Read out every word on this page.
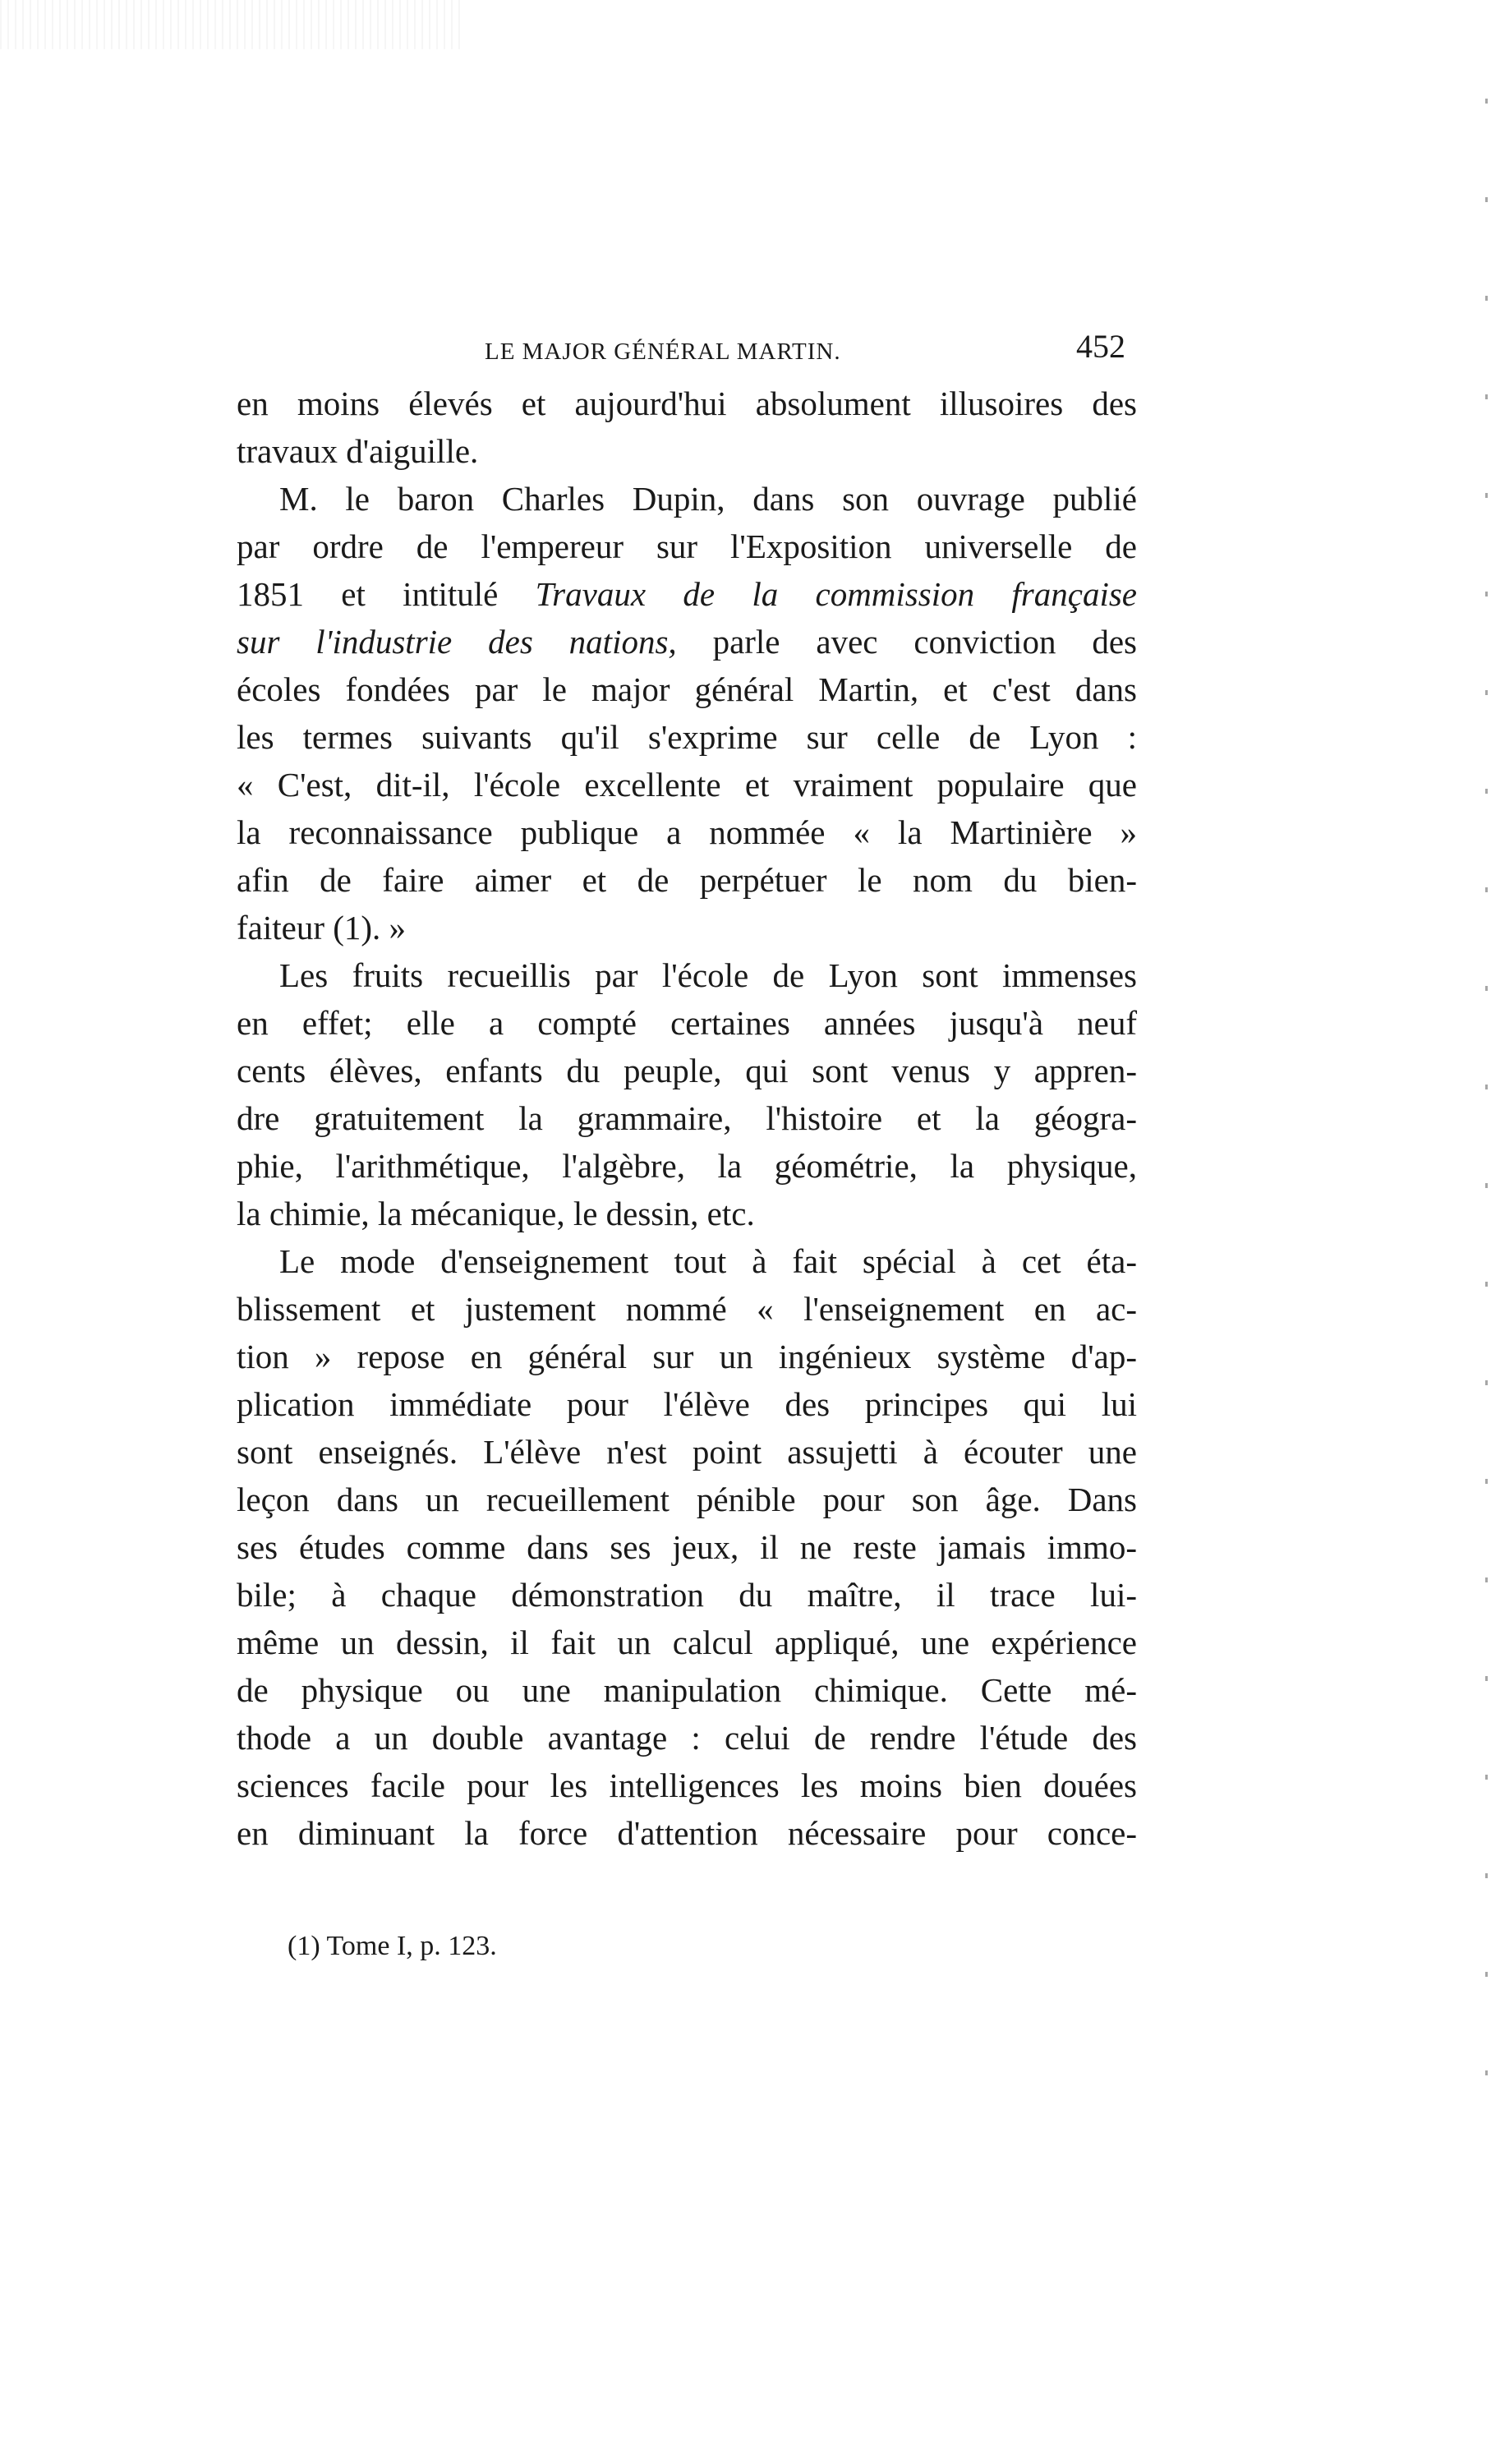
LE MAJOR GÉNÉRAL MARTIN.	452
en moins élevés et aujourd'hui absolument illusoires des
travaux d'aiguille.
M. le baron Charles Dupin, dans son ouvrage publié
par ordre de l'empereur sur l'Exposition universelle de
1851 et intitulé Travaux de la commission française
sur l'industrie des nations, parle avec conviction des
écoles fondées par le major général Martin, et c'est dans
les termes suivants qu'il s'exprime sur celle de Lyon :
« C'est, dit-il, l'école excellente et vraiment populaire que
la reconnaissance publique a nommée « la Martinière »
afin de faire aimer et de perpétuer le nom du bien-
faiteur (1). »
Les fruits recueillis par l'école de Lyon sont immenses
en effet; elle a compté certaines années jusqu'à neuf
cents élèves, enfants du peuple, qui sont venus y appren-
dre gratuitement la grammaire, l'histoire et la géogra-
phie, l'arithmétique, l'algèbre, la géométrie, la physique,
la chimie, la mécanique, le dessin, etc.
Le mode d'enseignement tout à fait spécial à cet éta-
blissement et justement nommé « l'enseignement en ac-
tion » repose en général sur un ingénieux système d'ap-
plication immédiate pour l'élève des principes qui lui
sont enseignés. L'élève n'est point assujetti à écouter une
leçon dans un recueillement pénible pour son âge. Dans
ses études comme dans ses jeux, il ne reste jamais immo-
bile; à chaque démonstration du maître, il trace lui-
même un dessin, il fait un calcul appliqué, une expérience
de physique ou une manipulation chimique. Cette mé-
thode a un double avantage : celui de rendre l'étude des
sciences facile pour les intelligences les moins bien douées
en diminuant la force d'attention nécessaire pour conce-
(1) Tome I, p. 123.
